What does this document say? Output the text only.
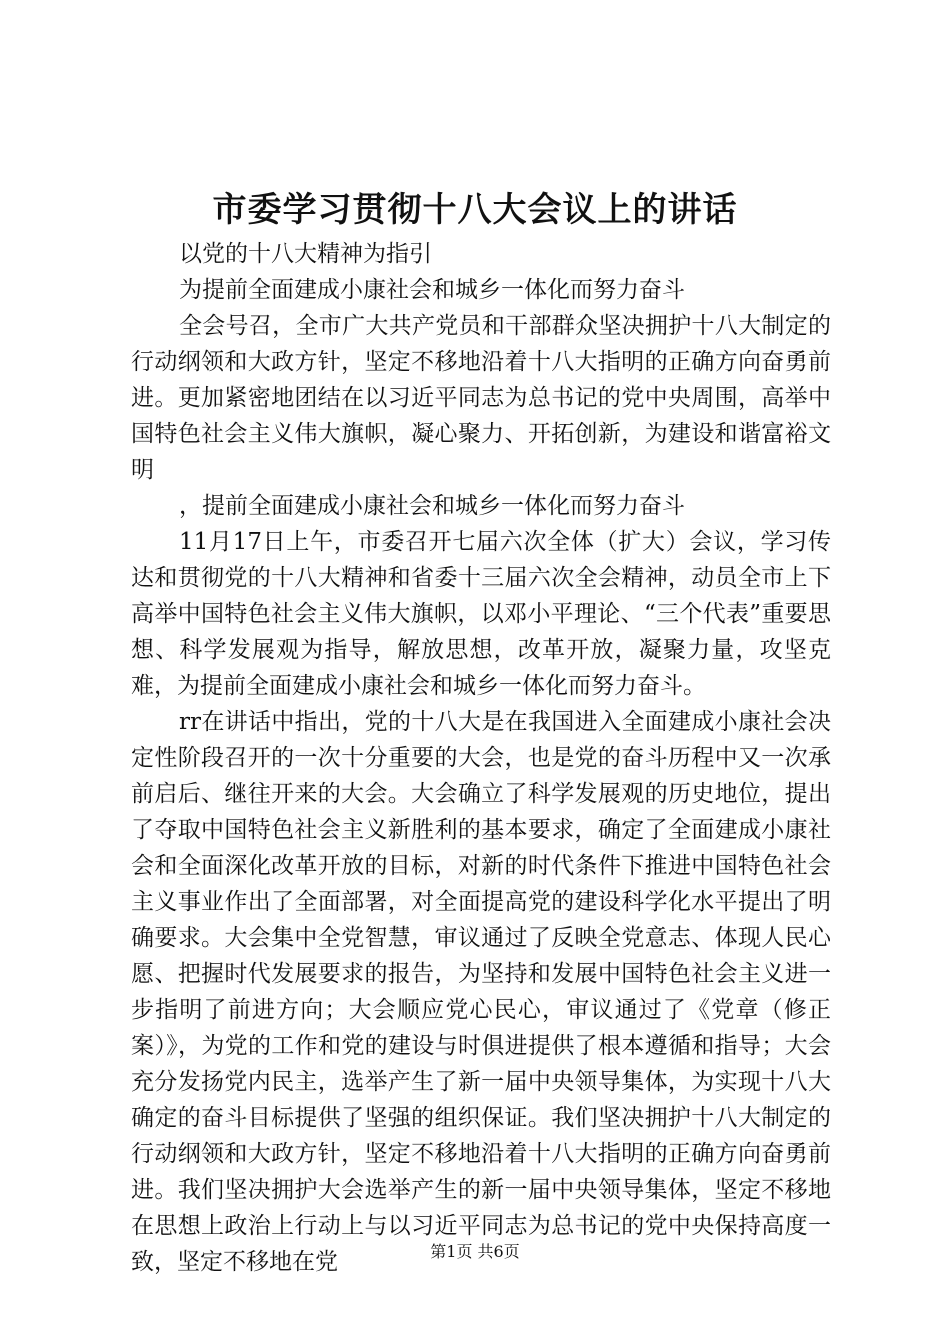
市委学习贯彻十八大会议上的讲话

以党的十八大精神为指引

为提前全面建成小康社会和城乡一体化而努力奋斗

全会号召，全市广大共产党员和干部群众坚决拥护十八大制定的行动纲领和大政方针，坚定不移地沿着十八大指明的正确方向奋勇前进。更加紧密地团结在以习近平同志为总书记的党中央周围，高举中国特色社会主义伟大旗帜，凝心聚力、开拓创新，为建设和谐富裕文明

，提前全面建成小康社会和城乡一体化而努力奋斗

11月17日上午，市委召开七届六次全体（扩大）会议，学习传达和贯彻党的十八大精神和省委十三届六次全会精神，动员全市上下高举中国特色社会主义伟大旗帜，以邓小平理论、“三个代表”重要思想、科学发展观为指导，解放思想，改革开放，凝聚力量，攻坚克难，为提前全面建成小康社会和城乡一体化而努力奋斗。

rr在讲话中指出，党的十八大是在我国进入全面建成小康社会决定性阶段召开的一次十分重要的大会，也是党的奋斗历程中又一次承前启后、继往开来的大会。大会确立了科学发展观的历史地位，提出了夺取中国特色社会主义新胜利的基本要求，确定了全面建成小康社会和全面深化改革开放的目标，对新的时代条件下推进中国特色社会主义事业作出了全面部署，对全面提高党的建设科学化水平提出了明确要求。大会集中全党智慧，审议通过了反映全党意志、体现人民心愿、把握时代发展要求的报告，为坚持和发展中国特色社会主义进一步指明了前进方向；大会顺应党心民心，审议通过了《党章（修正案）》，为党的工作和党的建设与时俱进提供了根本遵循和指导；大会充分发扬党内民主，选举产生了新一届中央领导集体，为实现十八大确定的奋斗目标提供了坚强的组织保证。我们坚决拥护十八大制定的行动纲领和大政方针，坚定不移地沿着十八大指明的正确方向奋勇前进。我们坚决拥护大会选举产生的新一届中央领导集体，坚定不移地在思想上政治上行动上与以习近平同志为总书记的党中央保持高度一致，坚定不移地在党	第1页 共6页
